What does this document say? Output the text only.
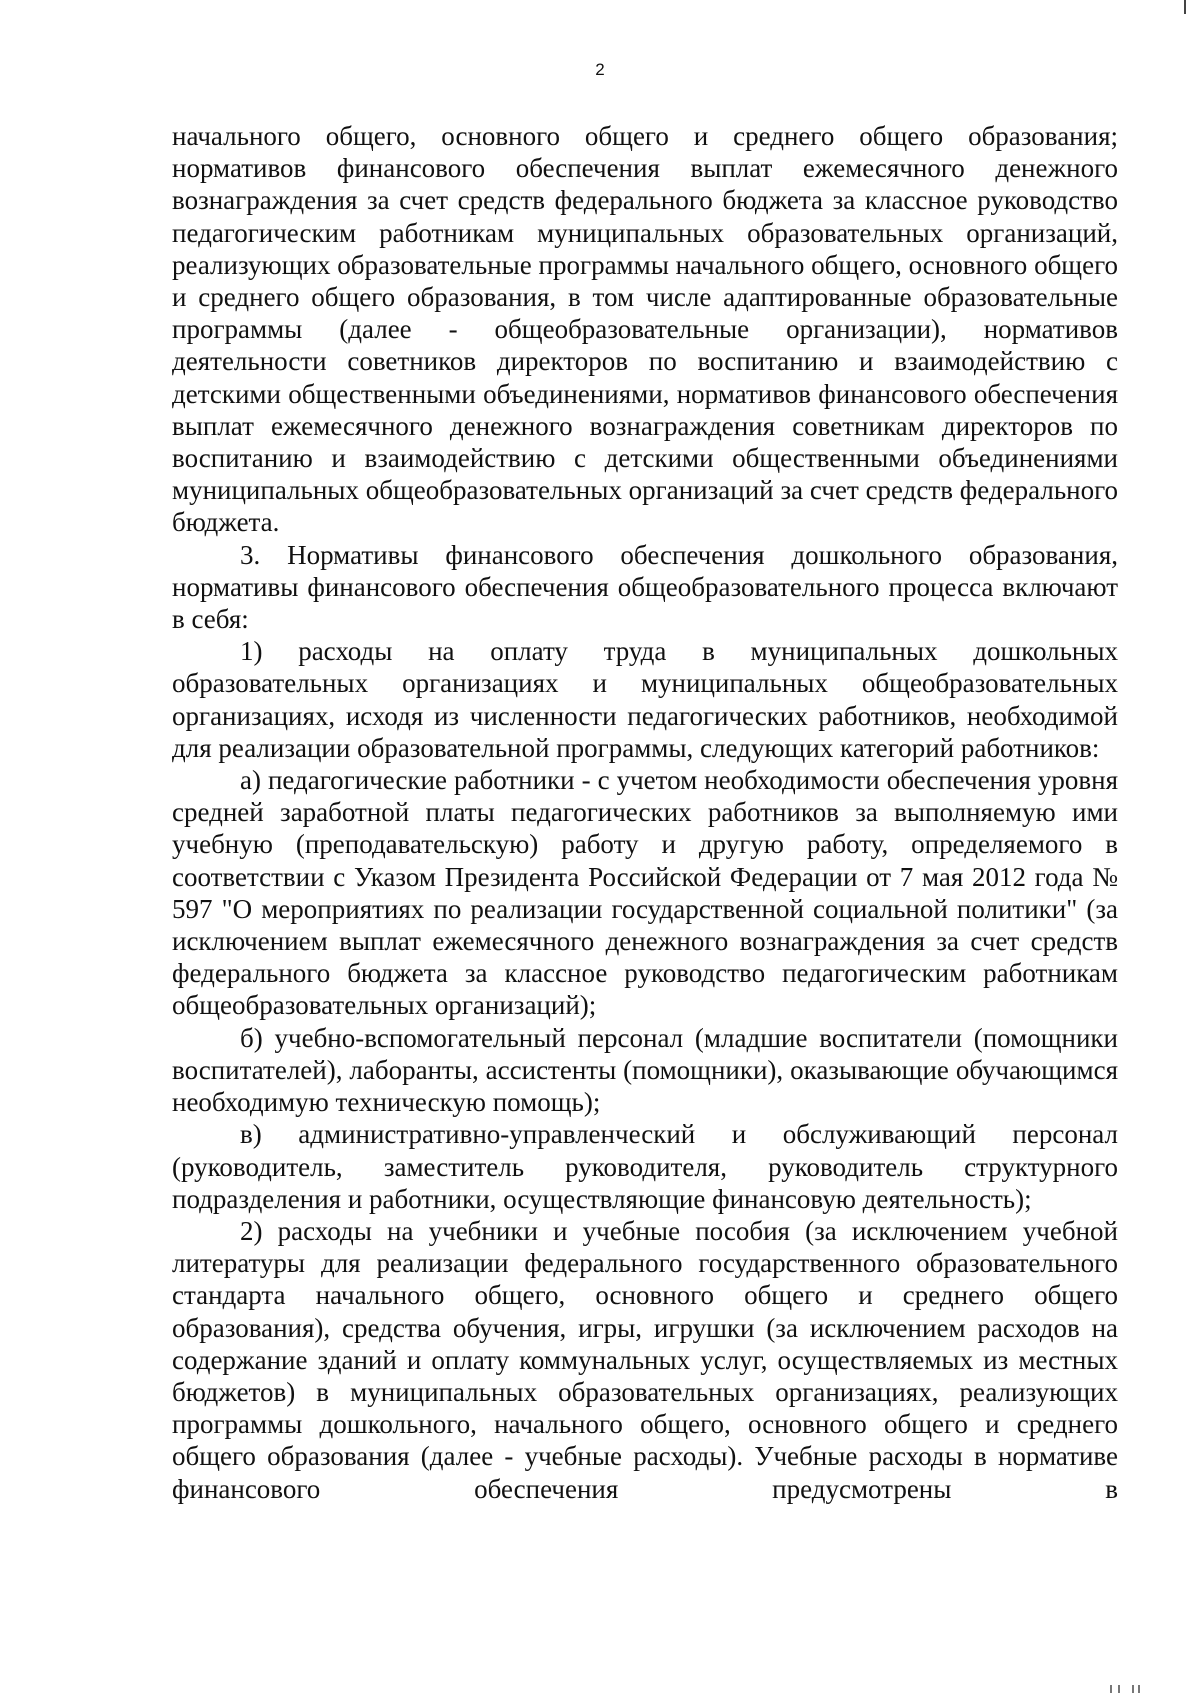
2

начального общего, основного общего и среднего общего образования; нормативов финансового обеспечения выплат ежемесячного денежного вознаграждения за счет средств федерального бюджета за классное руководство педагогическим работникам муниципальных образовательных организаций, реализующих образовательные программы начального общего, основного общего и среднего общего образования, в том числе адаптированные образовательные программы (далее - общеобразовательные организации), нормативов деятельности советников директоров по воспитанию и взаимодействию с детскими общественными объединениями, нормативов финансового обеспечения выплат ежемесячного денежного вознаграждения советникам директоров по воспитанию и взаимодействию с детскими общественными объединениями муниципальных общеобразовательных организаций за счет средств федерального бюджета.

3. Нормативы финансового обеспечения дошкольного образования, нормативы финансового обеспечения общеобразовательного процесса включают в себя:

1) расходы на оплату труда в муниципальных дошкольных образовательных организациях и муниципальных общеобразовательных организациях, исходя из численности педагогических работников, необходимой для реализации образовательной программы, следующих категорий работников:

а) педагогические работники - с учетом необходимости обеспечения уровня средней заработной платы педагогических работников за выполняемую ими учебную (преподавательскую) работу и другую работу, определяемого в соответствии с Указом Президента Российской Федерации от 7 мая 2012 года № 597 "О мероприятиях по реализации государственной социальной политики" (за исключением выплат ежемесячного денежного вознаграждения за счет средств федерального бюджета за классное руководство педагогическим работникам общеобразовательных организаций);

б) учебно-вспомогательный персонал (младшие воспитатели (помощники воспитателей), лаборанты, ассистенты (помощники), оказывающие обучающимся необходимую техническую помощь);

в) административно-управленческий и обслуживающий персонал (руководитель, заместитель руководителя, руководитель структурного подразделения и работники, осуществляющие финансовую деятельность);

2) расходы на учебники и учебные пособия (за исключением учебной литературы для реализации федерального государственного образовательного стандарта начального общего, основного общего и среднего общего образования), средства обучения, игры, игрушки (за исключением расходов на содержание зданий и оплату коммунальных услуг, осуществляемых из местных бюджетов) в муниципальных образовательных организациях, реализующих программы дошкольного, начального общего, основного общего и среднего общего образования (далее - учебные расходы). Учебные расходы в нормативе финансового обеспечения предусмотрены в
